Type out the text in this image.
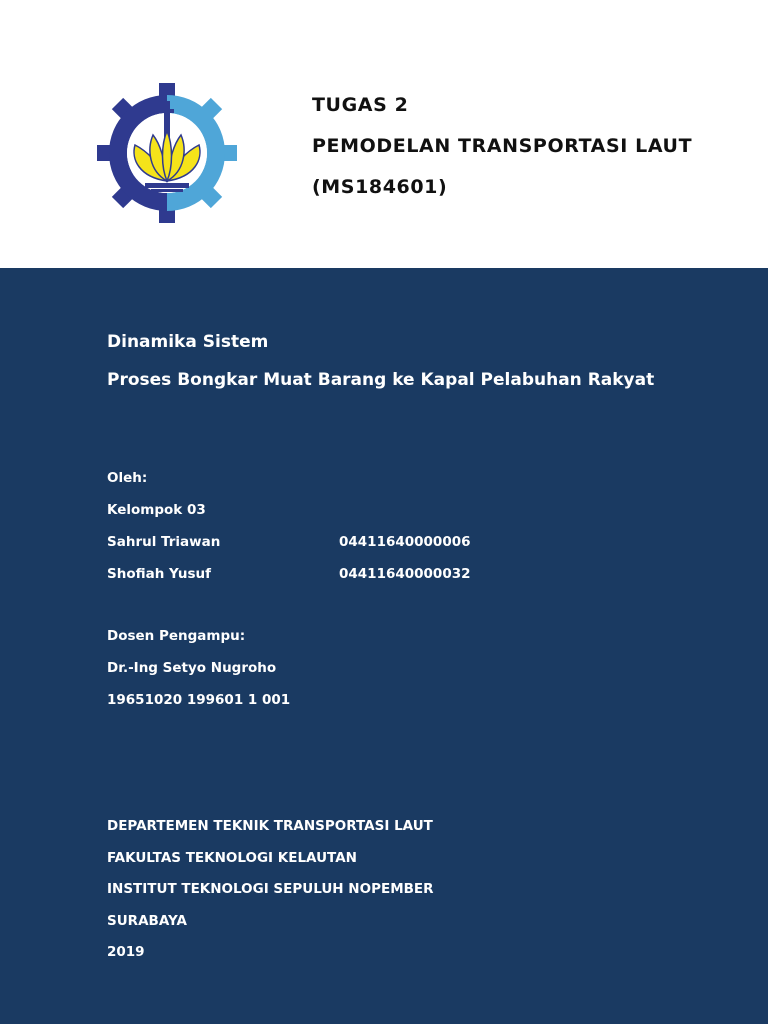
TUGAS 2
PEMODELAN TRANSPORTASI LAUT
(MS184601)
Dinamika Sistem
Proses Bongkar Muat Barang ke Kapal Pelabuhan Rakyat
Oleh:
Kelompok 03
Sahrul Triawan	04411640000006
Shofiah Yusuf	04411640000032
Dosen Pengampu:
Dr.-Ing Setyo Nugroho
19651020 199601 1 001
DEPARTEMEN TEKNIK TRANSPORTASI LAUT
FAKULTAS TEKNOLOGI KELAUTAN
INSTITUT TEKNOLOGI SEPULUH NOPEMBER
SURABAYA
2019
